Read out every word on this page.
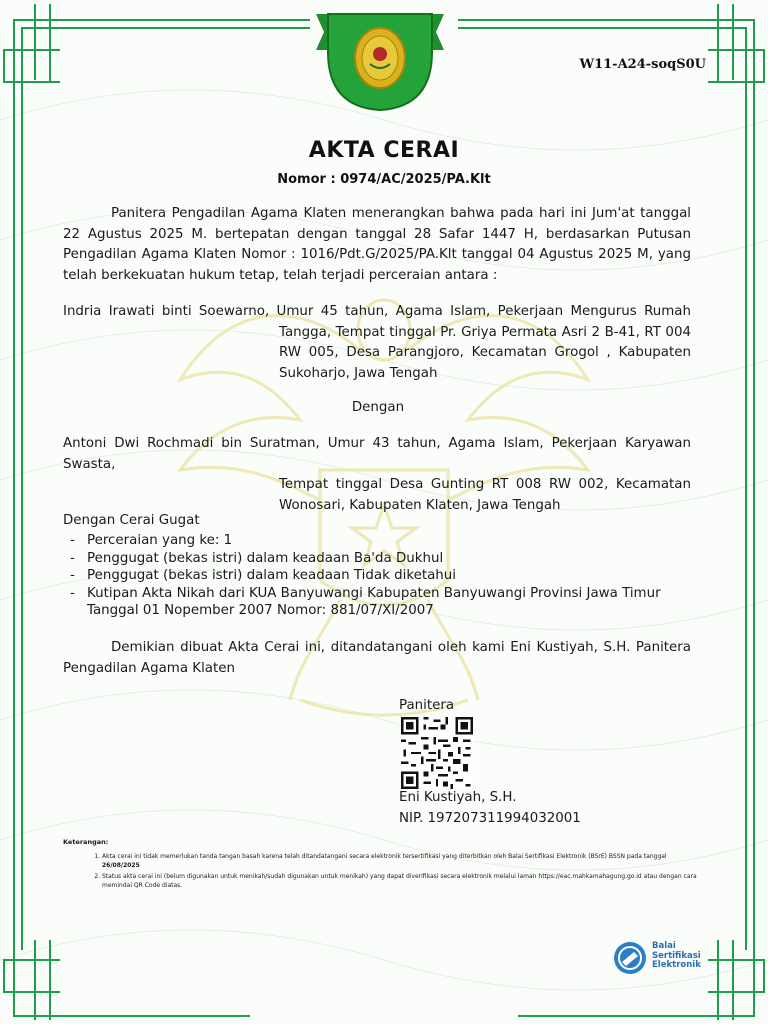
W11-A24-soqS0U
AKTA CERAI
Nomor : 0974/AC/2025/PA.Klt
Panitera Pengadilan Agama Klaten menerangkan bahwa pada hari ini Jum'at tanggal 22 Agustus 2025 M. bertepatan dengan tanggal 28 Safar 1447 H, berdasarkan Putusan Pengadilan Agama Klaten Nomor : 1016/Pdt.G/2025/PA.Klt tanggal 04 Agustus 2025 M, yang telah berkekuatan hukum tetap, telah terjadi perceraian antara :
Indria Irawati binti Soewarno, Umur 45 tahun, Agama Islam, Pekerjaan Mengurus Rumah
Tangga, Tempat tinggal Pr. Griya Permata Asri 2 B-41, RT 004 RW 005, Desa Parangjoro, Kecamatan Grogol , Kabupaten Sukoharjo, Jawa Tengah
Dengan
Antoni Dwi Rochmadi bin Suratman, Umur 43 tahun, Agama Islam, Pekerjaan Karyawan Swasta,
Tempat tinggal Desa Gunting RT 008 RW 002, Kecamatan Wonosari, Kabupaten Klaten, Jawa Tengah
Dengan Cerai Gugat
- Perceraian yang ke: 1
- Penggugat (bekas istri) dalam keadaan Ba'da Dukhul
- Penggugat (bekas istri) dalam keadaan Tidak diketahui
- Kutipan Akta Nikah dari KUA Banyuwangi Kabupaten Banyuwangi Provinsi Jawa Timur Tanggal 01 Nopember 2007 Nomor: 881/07/XI/2007
Demikian dibuat Akta Cerai ini, ditandatangani oleh kami Eni Kustiyah, S.H. Panitera Pengadilan Agama Klaten
Panitera
Eni Kustiyah, S.H.
NIP. 197207311994032001
Keterangan:
1. Akta cerai ini tidak memerlukan tanda tangan basah karena telah ditandatangani secara elektronik tersertifikasi yang diterbitkan oleh Balai Sertifikasi Elektronik (BSrE) BSSN pada tanggal
26/08/2025
2. Status akta cerai ini (belum digunakan untuk menikah/sudah digunakan untuk menikah) yang dapat diverifikasi secara elektronik melalui laman https://eac.mahkamahagung.go.id atau dengan cara memindai QR Code diatas.
Balai
Sertifikasi
Elektronik
